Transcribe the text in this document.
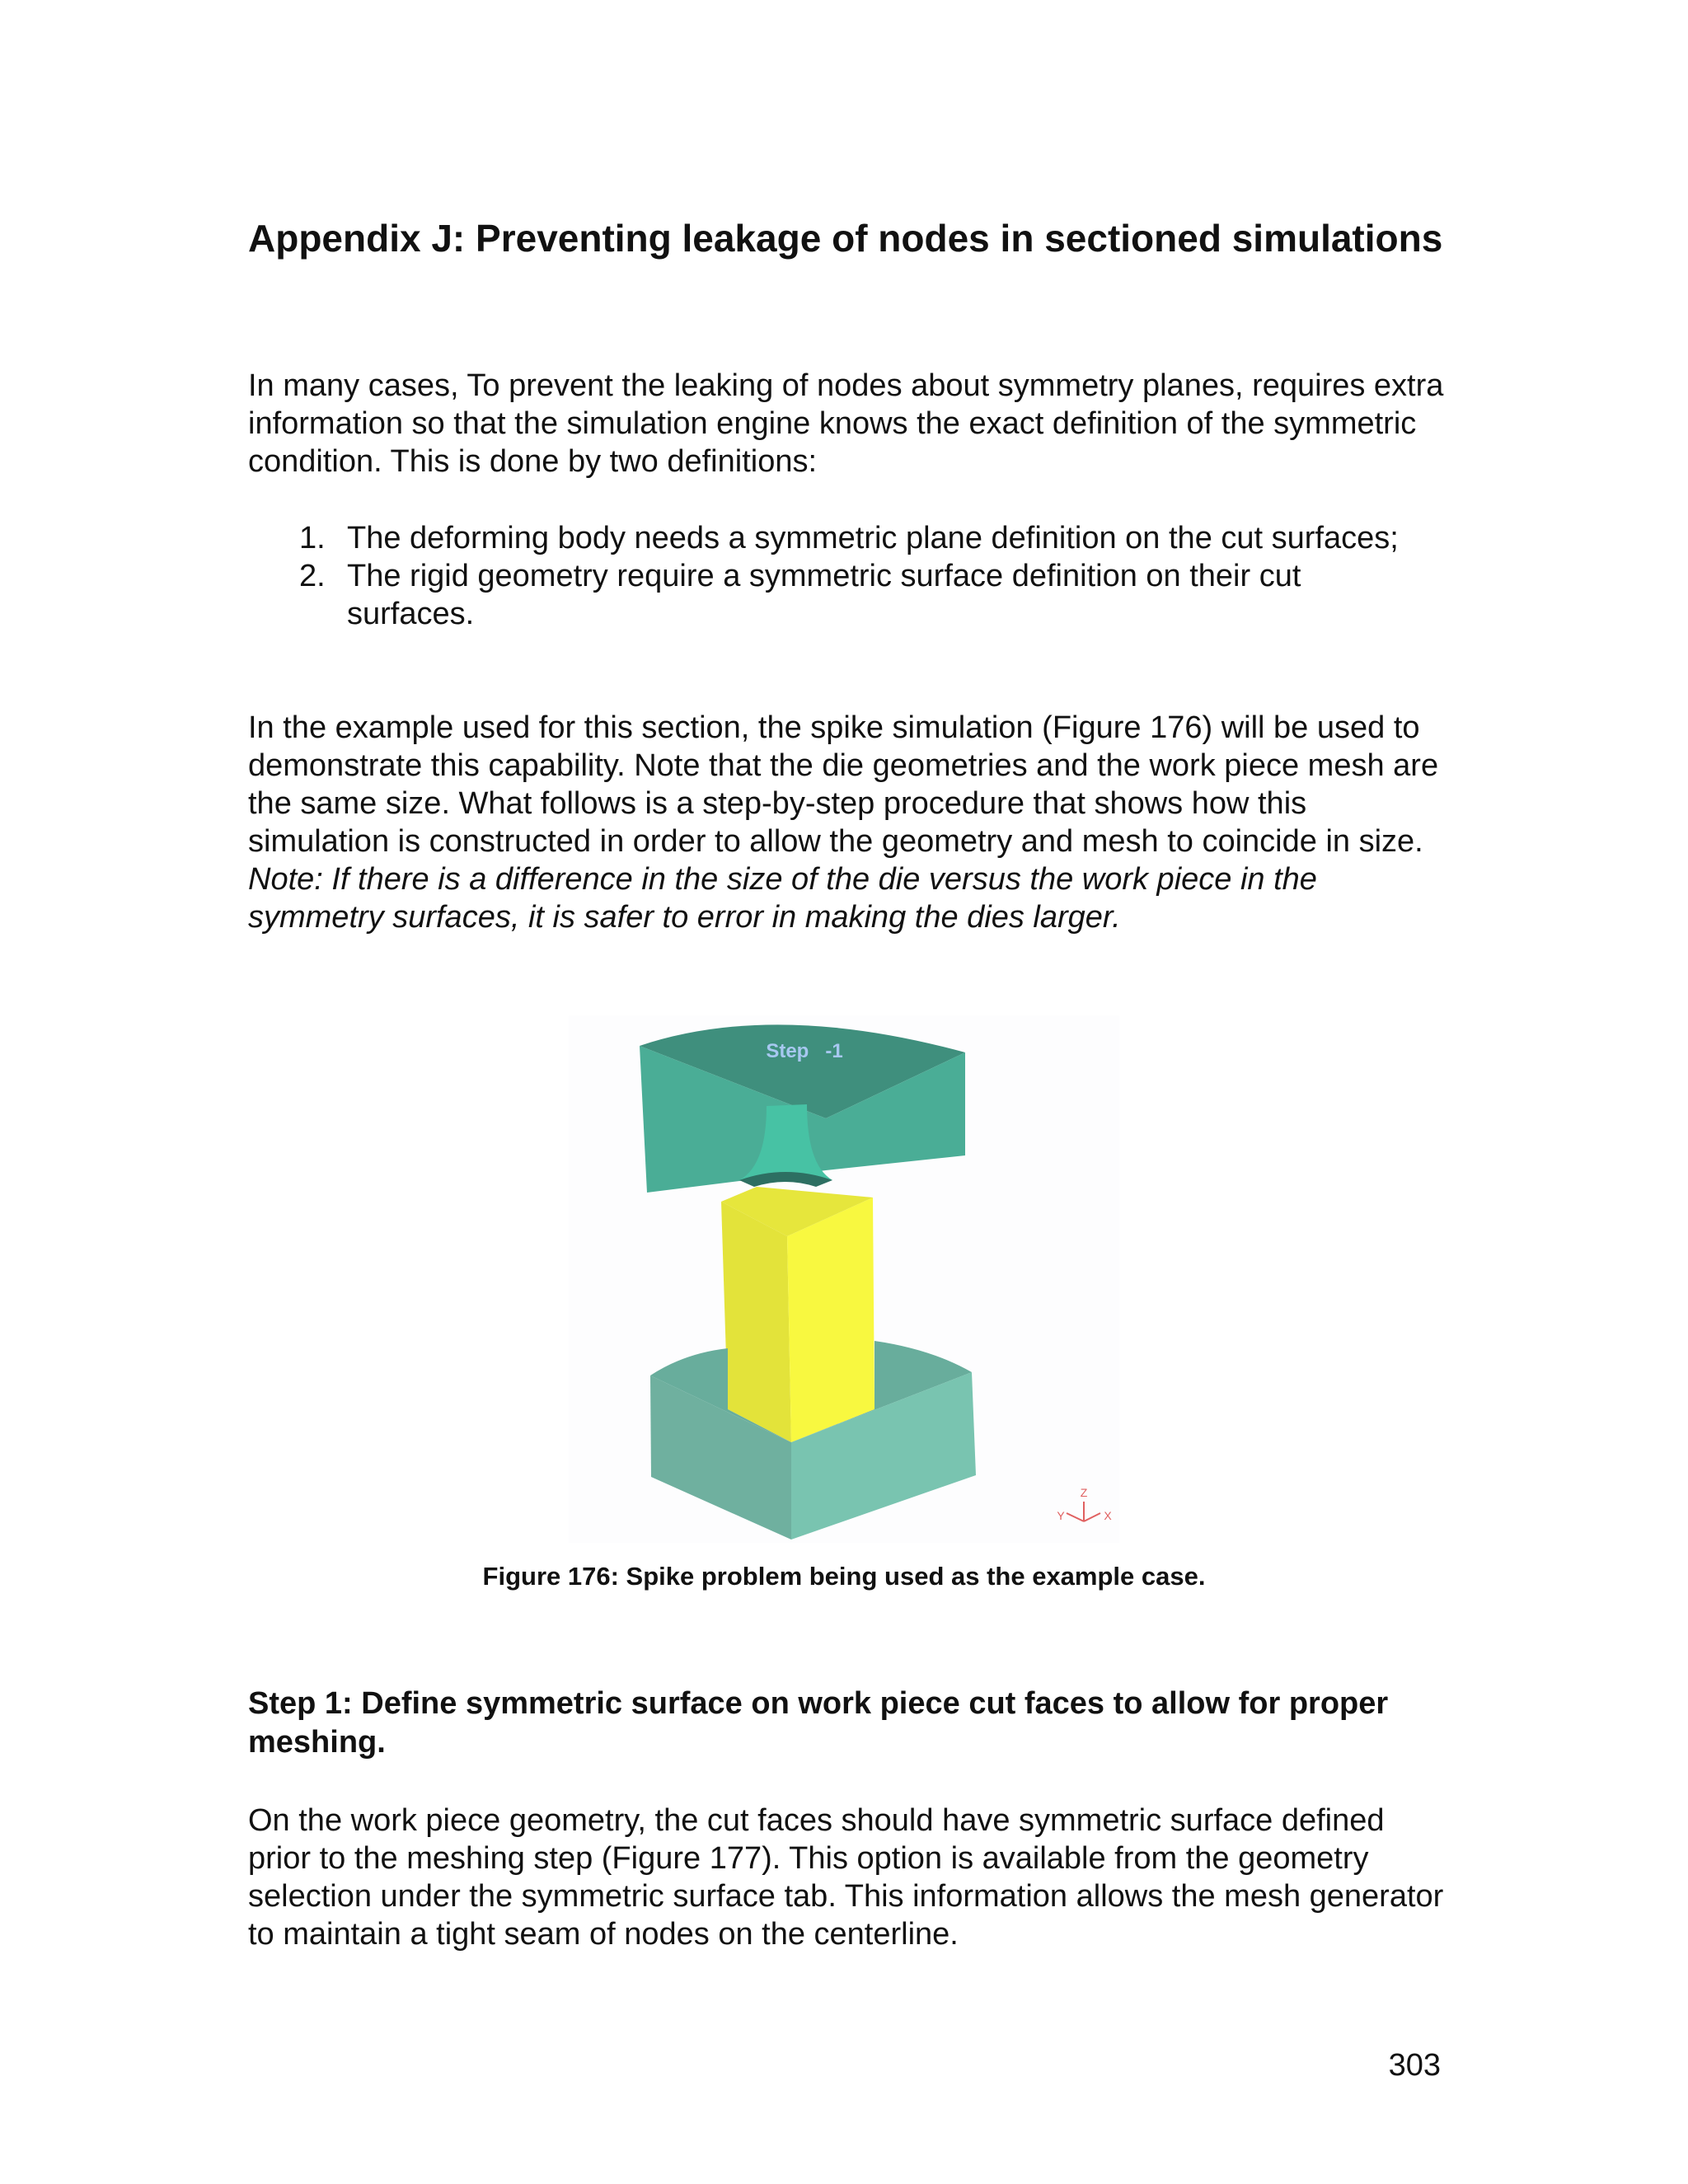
Appendix J: Preventing leakage of nodes in sectioned simulations

In many cases, To prevent the leaking of nodes about symmetry planes, requires extra information so that the simulation engine knows the exact definition of the symmetric condition. This is done by two definitions:

1. The deforming body needs a symmetric plane definition on the cut surfaces;
2. The rigid geometry require a symmetric surface definition on their cut surfaces.

In the example used for this section, the spike simulation (Figure 176) will be used to demonstrate this capability. Note that the die geometries and the work piece mesh are the same size. What follows is a step-by-step procedure that shows how this simulation is constructed in order to allow the geometry and mesh to coincide in size. Note: If there is a difference in the size of the die versus the work piece in the symmetry surfaces, it is safer to error in making the dies larger.

Step   -1
Z
Y	X

Figure 176: Spike problem being used as the example case.

Step 1: Define symmetric surface on work piece cut faces to allow for proper meshing.

On the work piece geometry, the cut faces should have symmetric surface defined prior to the meshing step (Figure 177). This option is available from the geometry selection under the symmetric surface tab. This information allows the mesh generator to maintain a tight seam of nodes on the centerline.

303
